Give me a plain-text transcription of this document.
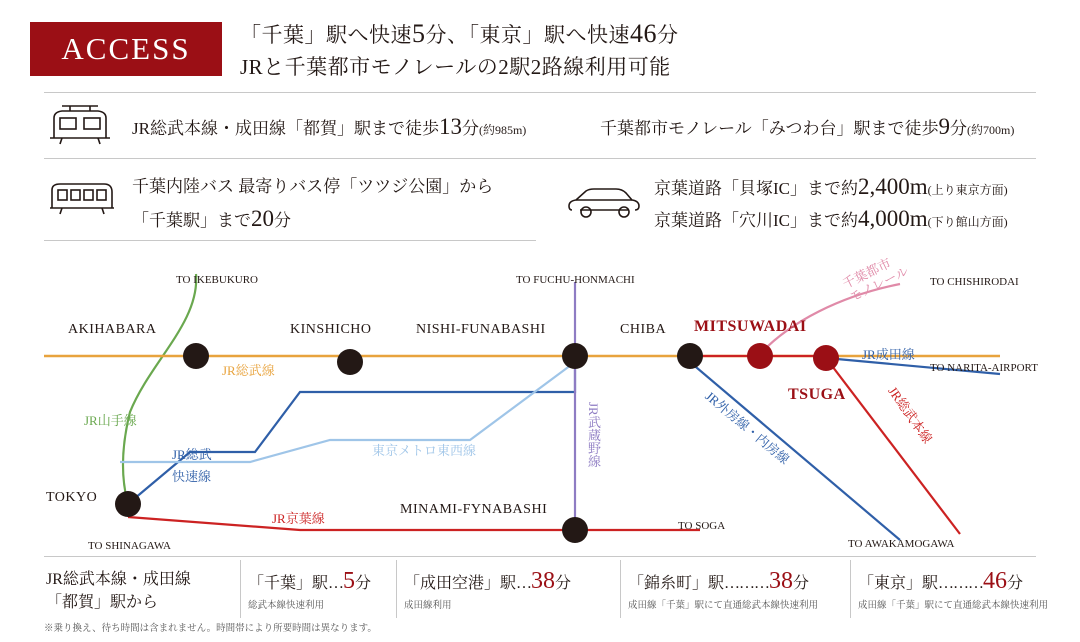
ACCESS 「千葉」駅へ快速5分、「東京」駅へ快速46分
JRと千葉都市モノレールの2駅2路線利用可能
JR総武本線・成田線「都賀」駅まで徒歩13分(約985m)	千葉都市モノレール「みつわ台」駅まで徒歩9分(約700m)
千葉内陸バス 最寄りバス停「ツツジ公園」から
「千葉駅」まで20分
京葉道路「貝塚IC」まで約2,400m(上り東京方面)
京葉道路「穴川IC」まで約4,000m(下り館山方面)
AKIHABARA	KINSHICHO	NISHI-FUNABASHI	CHIBA MITSUWADAI
TSUGA
TOKYO
MINAMI-FYNABASHI
TO IKEBUKURO	TO FUCHU-HONMACHI	TO CHISHIRODAI
TO NARITA-AIRPORT
TO SHINAGAWA
TO SOGA
TO AWAKAMOGAWA
JR総武線
JR山手線
JR総武
快速線
東京メトロ東西線	JR武蔵野線
JR京葉線
JR外房線・内房線
JR成田線
JR総武本線
千葉都市
モノレール
JR総武本線・成田線
「都賀」駅から
「千葉」駅…5分
総武本線快速利用
「成田空港」駅…38分
成田線利用
「錦糸町」駅………38分
成田線「千葉」駅にて直通総武本線快速利用
「東京」駅………46分
成田線「千葉」駅にて直通総武本線快速利用
※乗り換え、待ち時間は含まれません。時間帯により所要時間は異なります。
